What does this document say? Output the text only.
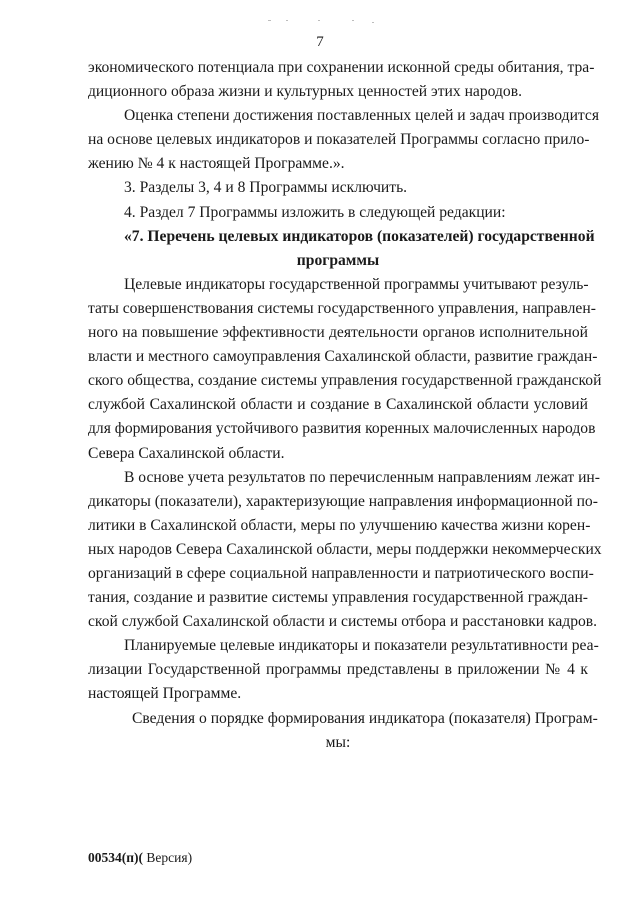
7
экономического потенциала при сохранении исконной среды обитания, тра-
диционного образа жизни и культурных ценностей этих народов.
Оценка степени достижения поставленных целей и задач производится
на основе целевых индикаторов и показателей Программы согласно прило-
жению № 4 к настоящей Программе.».
3. Разделы 3, 4 и 8 Программы исключить.
4. Раздел 7 Программы изложить в следующей редакции:
«7. Перечень целевых индикаторов (показателей) государственной
программы
Целевые индикаторы государственной программы учитывают резуль-
таты совершенствования системы государственного управления, направлен-
ного на повышение эффективности деятельности органов исполнительной
власти и местного самоуправления Сахалинской области, развитие граждан-
ского общества, создание системы управления государственной гражданской
службой Сахалинской области и создание в Сахалинской области условий
для формирования устойчивого развития коренных малочисленных народов
Севера Сахалинской области.
В основе учета результатов по перечисленным направлениям лежат ин-
дикаторы (показатели), характеризующие направления информационной по-
литики в Сахалинской области, меры по улучшению качества жизни корен-
ных народов Севера Сахалинской области, меры поддержки некоммерческих
организаций в сфере социальной направленности и патриотического воспи-
тания, создание и развитие системы управления государственной граждан-
ской службой Сахалинской области и системы отбора и расстановки кадров.
Планируемые целевые индикаторы и показатели результативности реа-
лизации Государственной программы представлены в приложении № 4 к
настоящей Программе.
Сведения о порядке формирования индикатора (показателя) Програм-
мы:
00534(п)( Версия)
